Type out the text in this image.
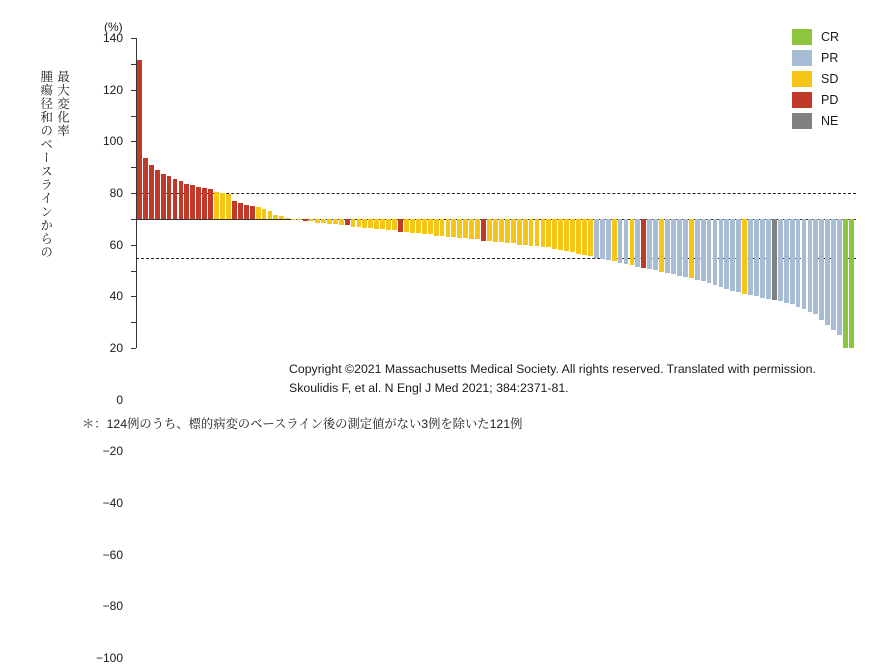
腫瘍径和のベースラインからの 最大変化率
(%)
140
120
100
80
60
40
20
0
−20
−40
−60
−80
−100
CR
PR
SD
PD
NE
Copyright ©2021 Massachusetts Medical Society. All rights reserved. Translated with permission.
Skoulidis F, et al. N Engl J Med 2021; 384:2371-81.
＊：124例のうち、標的病変のベースライン後の測定値がない3例を除いた121例
